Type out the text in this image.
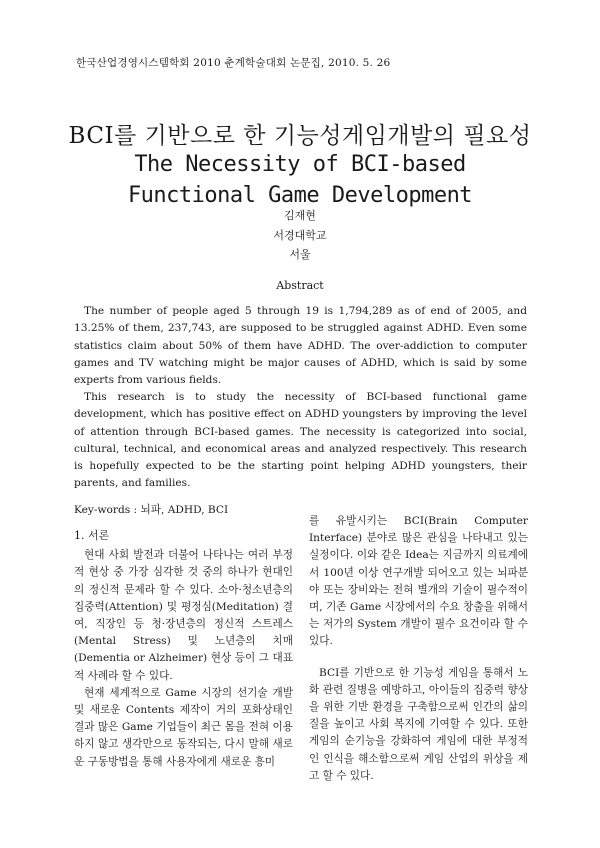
한국산업경영시스템학회 2010 춘계학술대회 논문집, 2010. 5. 26
BCI를 기반으로 한 기능성게임개발의 필요성
The Necessity of BCI-based
Functional Game Development
김재현
서경대학교
서울
Abstract

The number of people aged 5 through 19 is 1,794,289 as of end of 2005, and 13.25% of them, 237,743, are supposed to be struggled against ADHD. Even some statistics claim about 50% of them have ADHD. The over-addiction to computer games and TV watching might be major causes of ADHD, which is said by some experts from various fields.

This research is to study the necessity of BCI-based functional game development, which has positive effect on ADHD youngsters by improving the level of attention through BCI-based games. The necessity is categorized into social, cultural, technical, and economical areas and analyzed respectively. This research is hopefully expected to be the starting point helping ADHD youngsters, their parents, and families.

Key-words : 뇌파, ADHD, BCI
1. 서론

현대 사회 발전과 더불어 나타나는 여러 부정적 현상 중 가장 심각한 것 중의 하나가 현대인의 정신적 문제라 할 수 있다. 소아·청소년층의 집중력(Attention) 및 평정심(Meditation) 결여, 직장인 등 청·장년층의 정신적 스트레스(Mental Stress) 및 노년층의 치매(Dementia or Alzheimer) 현상 등이 그 대표적 사례라 할 수 있다.

현재 세계적으로 Game 시장의 선기술 개발 및 새로운 Contents 제작이 거의 포화상태인 결과 많은 Game 기업들이 최근 몸을 전혀 이용하지 않고 생각만으로 동작되는, 다시 말해 새로운 구동방법을 통해 사용자에게 새로운 흥미

를 유발시키는 BCI(Brain Computer Interface) 분야로 많은 관심을 나타내고 있는 실정이다. 이와 같은 Idea는 지금까지 의료계에서 100년 이상 연구개발 되어오고 있는 뇌파분야 또는 장비와는 전혀 별개의 기술이 필수적이며, 기존 Game 시장에서의 수요 창출을 위해서는 저가의 System 개발이 필수 요건이라 할 수 있다.

BCI를 기반으로 한 기능성 게임을 통해서 노화 관련 질병을 예방하고, 아이들의 집중력 향상을 위한 기반 환경을 구축함으로써 인간의 삶의 질을 높이고 사회 복지에 기여할 수 있다. 또한 게임의 순기능을 강화하여 게임에 대한 부정적인 인식을 해소함으로써 게임 산업의 위상을 제고 할 수 있다.
